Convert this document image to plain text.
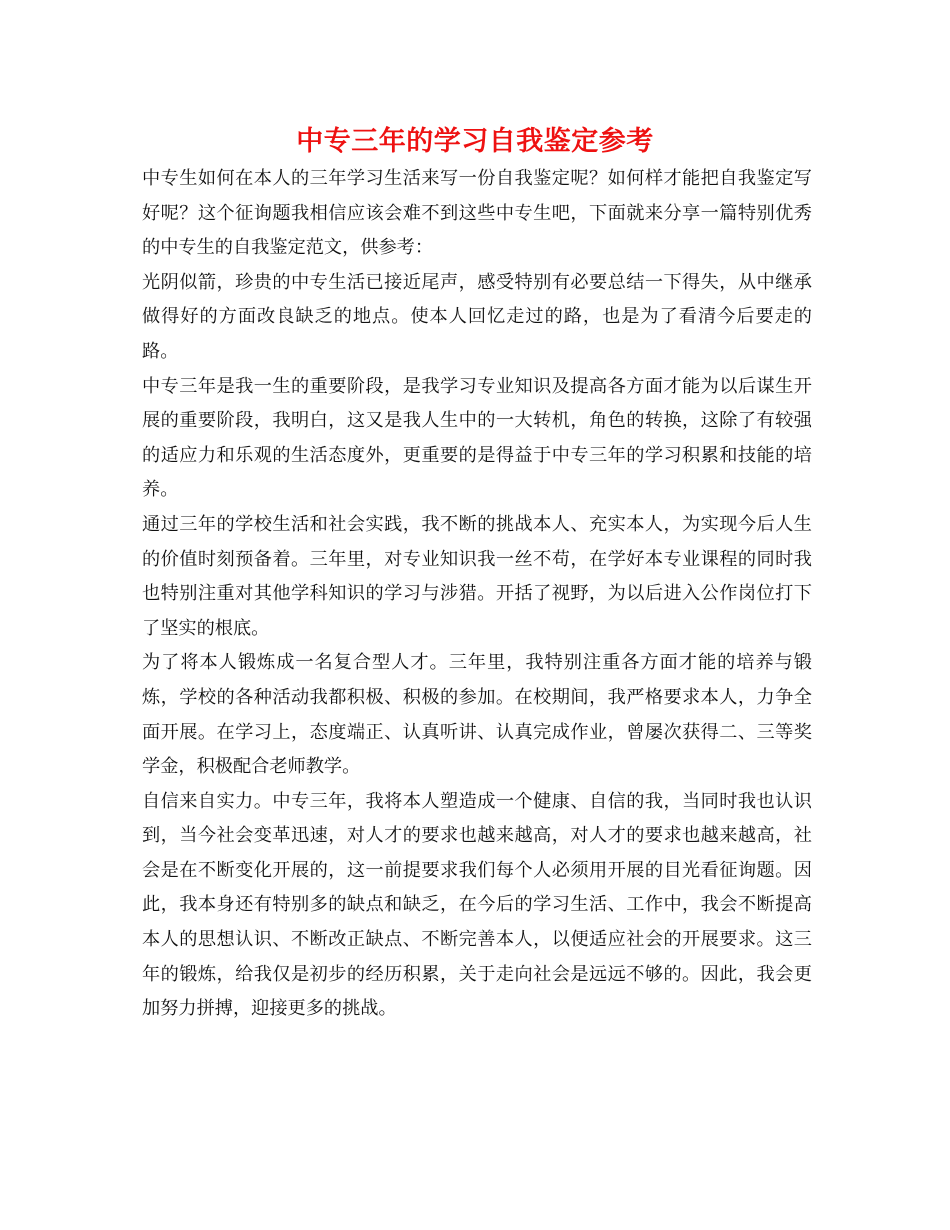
中专三年的学习自我鉴定参考

中专生如何在本人的三年学习生活来写一份自我鉴定呢？如何样才能把自我鉴定写好呢？这个征询题我相信应该会难不到这些中专生吧，下面就来分享一篇特别优秀的中专生的自我鉴定范文，供参考：

光阴似箭，珍贵的中专生活已接近尾声，感受特别有必要总结一下得失，从中继承做得好的方面改良缺乏的地点。使本人回忆走过的路，也是为了看清今后要走的路。

中专三年是我一生的重要阶段，是我学习专业知识及提高各方面才能为以后谋生开展的重要阶段，我明白，这又是我人生中的一大转机，角色的转换，这除了有较强的适应力和乐观的生活态度外，更重要的是得益于中专三年的学习积累和技能的培养。

通过三年的学校生活和社会实践，我不断的挑战本人、充实本人，为实现今后人生的价值时刻预备着。三年里，对专业知识我一丝不苟，在学好本专业课程的同时我也特别注重对其他学科知识的学习与涉猎。开括了视野，为以后进入公作岗位打下了坚实的根底。

为了将本人锻炼成一名复合型人才。三年里，我特别注重各方面才能的培养与锻炼，学校的各种活动我都积极、积极的参加。在校期间，我严格要求本人，力争全面开展。在学习上，态度端正、认真听讲、认真完成作业，曾屡次获得二、三等奖学金，积极配合老师教学。

自信来自实力。中专三年，我将本人塑造成一个健康、自信的我，当同时我也认识到，当今社会变革迅速，对人才的要求也越来越高，对人才的要求也越来越高，社会是在不断变化开展的，这一前提要求我们每个人必须用开展的目光看征询题。因此，我本身还有特别多的缺点和缺乏，在今后的学习生活、工作中，我会不断提高本人的思想认识、不断改正缺点、不断完善本人，以便适应社会的开展要求。这三年的锻炼，给我仅是初步的经历积累，关于走向社会是远远不够的。因此，我会更加努力拼搏，迎接更多的挑战。
